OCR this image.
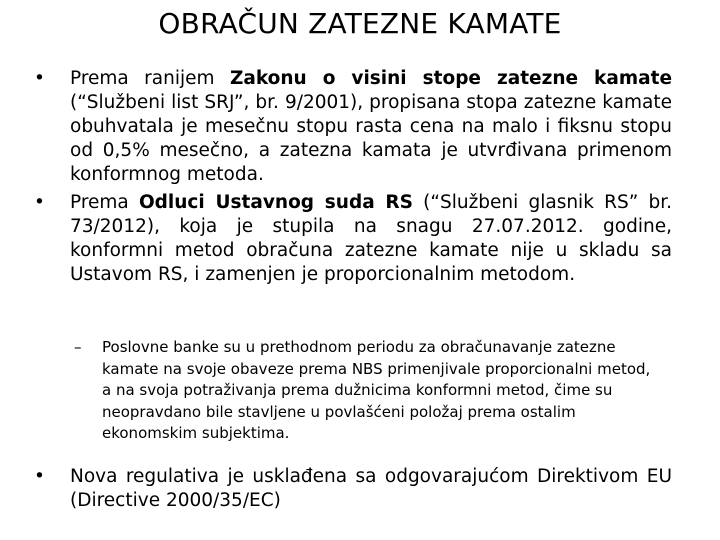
OBRAČUN ZATEZNE KAMATE
•	Prema ranijem Zakonu o visini stope zatezne kamate (“Službeni list SRJ”, br. 9/2001), propisana stopa zatezne kamate obuhvatala je mesečnu stopu rasta cena na malo i fiksnu stopu od 0,5% mesečno, a zatezna kamata je utvrđivana primenom konformnog metoda.
•	Prema Odluci Ustavnog suda RS (“Službeni glasnik RS” br. 73/2012), koja je stupila na snagu 27.07.2012. godine, konformni metod obračuna zatezne kamate nije u skladu sa Ustavom RS, i zamenjen je proporcionalnim metodom.
– Poslovne banke su u prethodnom periodu za obračunavanje zatezne kamate na svoje obaveze prema NBS primenjivale proporcionalni metod, a na svoja potraživanja prema dužnicima konformni metod, čime su neopravdano bile stavljene u povlašćeni položaj prema ostalim ekonomskim subjektima.
•	Nova regulativa je usklađena sa odgovarajućom Direktivom EU (Directive 2000/35/EC)
